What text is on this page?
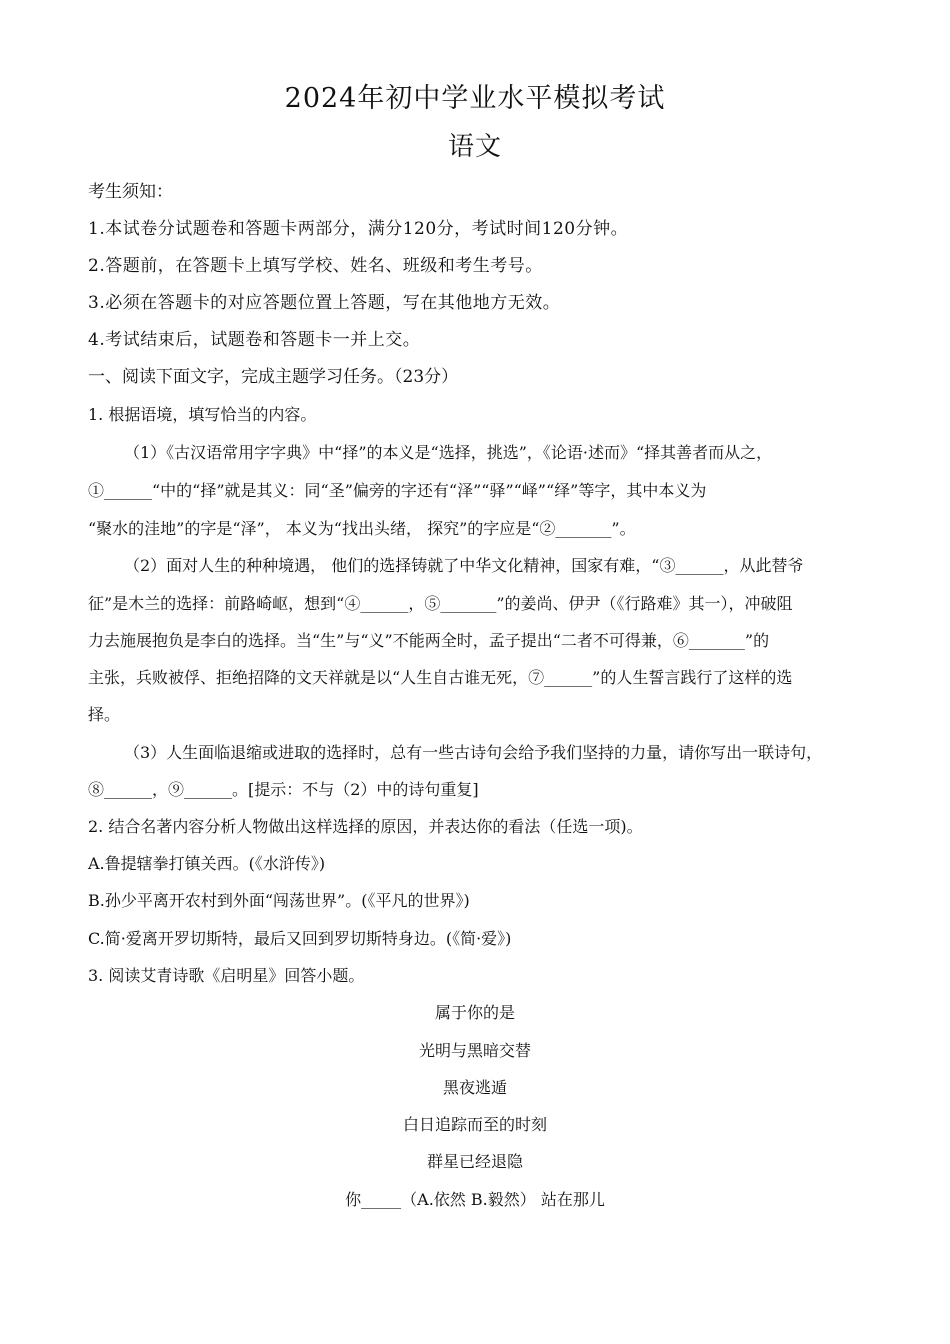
2024年初中学业水平模拟考试
语文
考生须知：
1.本试卷分试题卷和答题卡两部分，满分120分，考试时间120分钟。
2.答题前，在答题卡上填写学校、姓名、班级和考生考号。
3.必须在答题卡的对应答题位置上答题，写在其他地方无效。
4.考试结束后，试题卷和答题卡一并上交。
一、阅读下面文字，完成主题学习任务。（23分）
1. 根据语境，填写恰当的内容。
（1）《古汉语常用字字典》中“择”的本义是“选择，挑选”，《论语·述而》“择其善者而从之，
①______“中的“择”就是其义：同“圣”偏旁的字还有“泽”“驿”“峄”“绎”等字，其中本义为
“聚水的洼地”的字是“泽”， 本义为“找出头绪， 探究”的字应是“②_______”。
（2）面对人生的种种境遇， 他们的选择铸就了中华文化精神，国家有难，“③______，从此替爷
征”是木兰的选择：前路崎岖，想到“④______，⑤_______”的姜尚、伊尹（《行路难》其一），冲破阻
力去施展抱负是李白的选择。当“生”与“义”不能两全时，孟子提出“二者不可得兼，⑥_______”的
主张，兵败被俘、拒绝招降的文天祥就是以“人生自古谁无死，⑦______”的人生誓言践行了这样的选
择。
（3）人生面临退缩或进取的选择时，总有一些古诗句会给予我们坚持的力量，请你写出一联诗句，
⑧______，⑨______。[提示：不与（2）中的诗句重复]
2. 结合名著内容分析人物做出这样选择的原因，并表达你的看法（任选一项)。
A.鲁提辖拳打镇关西。(《水浒传》)
B.孙少平离开农村到外面“闯荡世界”。(《平凡的世界》)
C.简·爱离开罗切斯特，最后又回到罗切斯特身边。(《简·爱》)
3. 阅读艾青诗歌《启明星》回答小题。
属于你的是
光明与黑暗交替
黑夜逃遁
白日追踪而至的时刻
群星已经退隐
你_____（A.依然 B.毅然） 站在那儿
